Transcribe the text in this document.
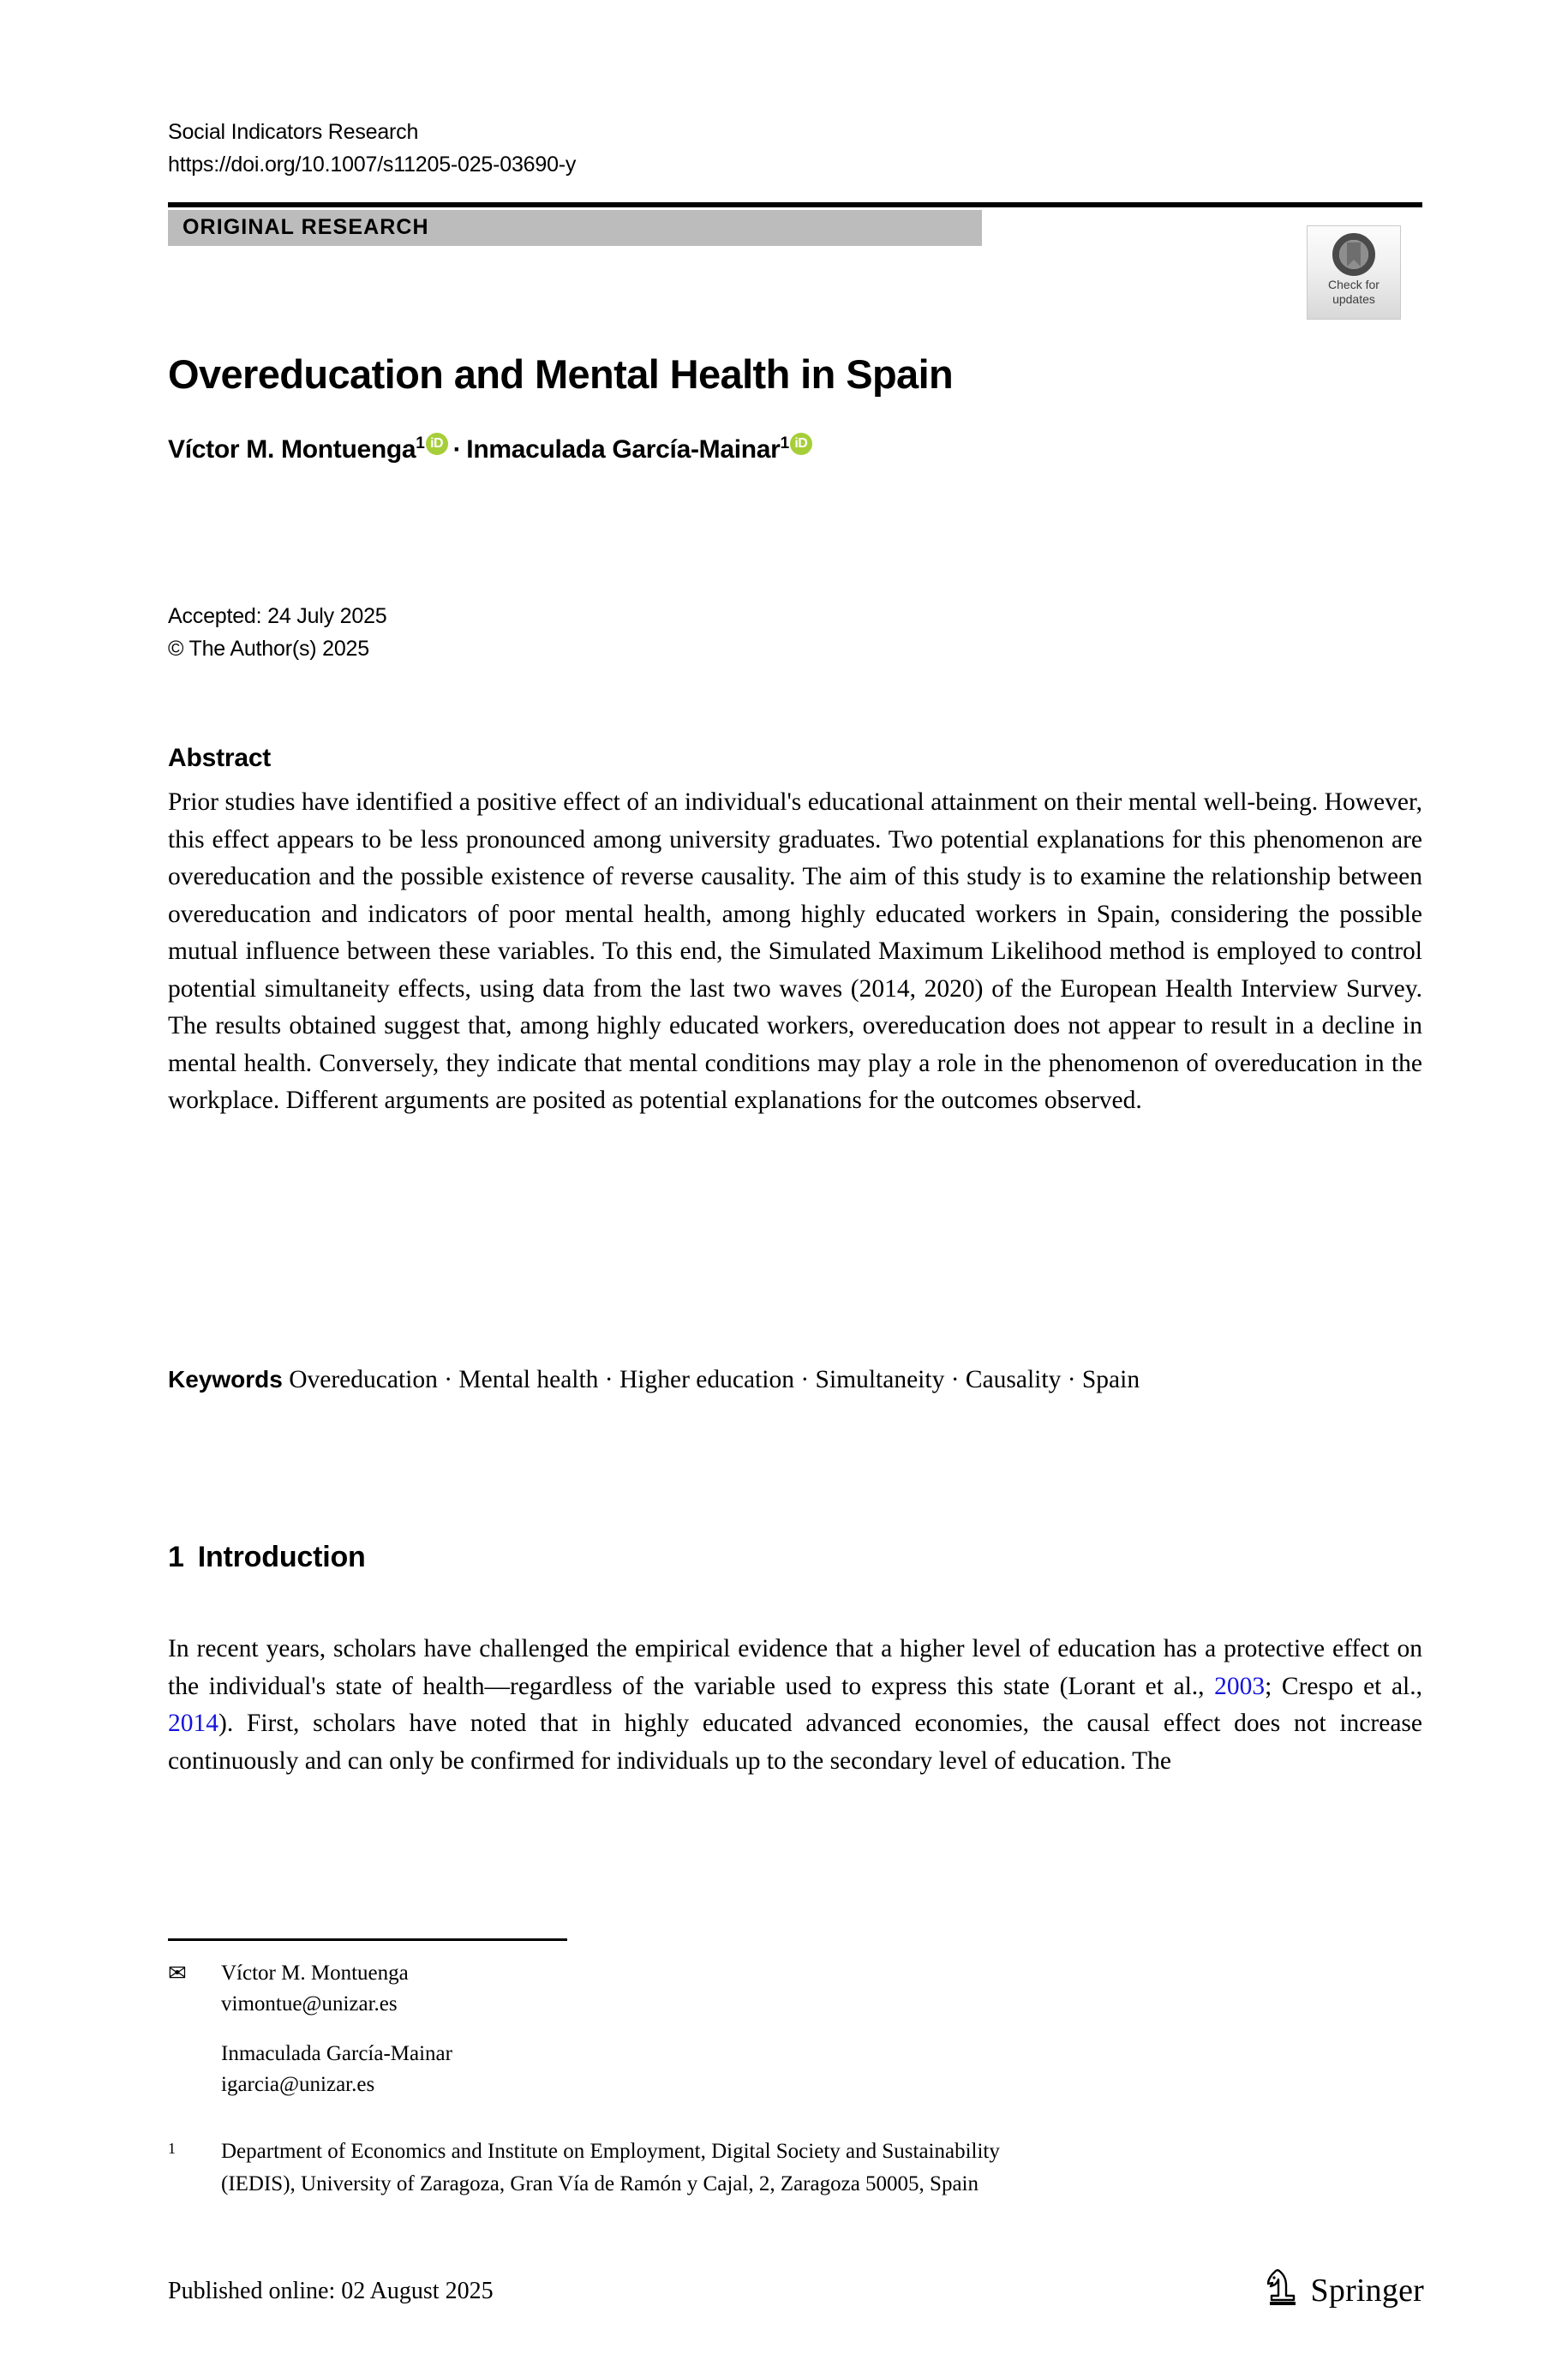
Social Indicators Research
https://doi.org/10.1007/s11205-025-03690-y
ORIGINAL RESEARCH
Check for
updates
Overeducation and Mental Health in Spain
Víctor M. Montuenga$^1$ iD · Inmaculada García-Mainar$^1$ iD
Accepted: 24 July 2025
© The Author(s) 2025
Abstract
Prior studies have identified a positive effect of an individual's educational attainment on their mental well-being. However, this effect appears to be less pronounced among university graduates. Two potential explanations for this phenomenon are overeducation and the possible existence of reverse causality. The aim of this study is to examine the relationship between overeducation and indicators of poor mental health, among highly educated workers in Spain, considering the possible mutual influence between these variables. To this end, the Simulated Maximum Likelihood method is employed to control potential simultaneity effects, using data from the last two waves (2014, 2020) of the European Health Interview Survey. The results obtained suggest that, among highly educated workers, overeducation does not appear to result in a decline in mental health. Conversely, they indicate that mental conditions may play a role in the phenomenon of overeducation in the workplace. Different arguments are posited as potential explanations for the outcomes observed.
Keywords Overeducation · Mental health · Higher education · Simultaneity · Causality · Spain
1 Introduction
In recent years, scholars have challenged the empirical evidence that a higher level of education has a protective effect on the individual's state of health—regardless of the variable used to express this state (Lorant et al., 2003; Crespo et al., 2014). First, scholars have noted that in highly educated advanced economies, the causal effect does not increase continuously and can only be confirmed for individuals up to the secondary level of education. The
✉	Víctor M. Montuenga
vimontue@unizar.es
Inmaculada García-Mainar
igarcia@unizar.es
1	Department of Economics and Institute on Employment, Digital Society and Sustainability
(IEDIS), University of Zaragoza, Gran Vía de Ramón y Cajal, 2, Zaragoza 50005, Spain
Published online: 02 August 2025	Springer
